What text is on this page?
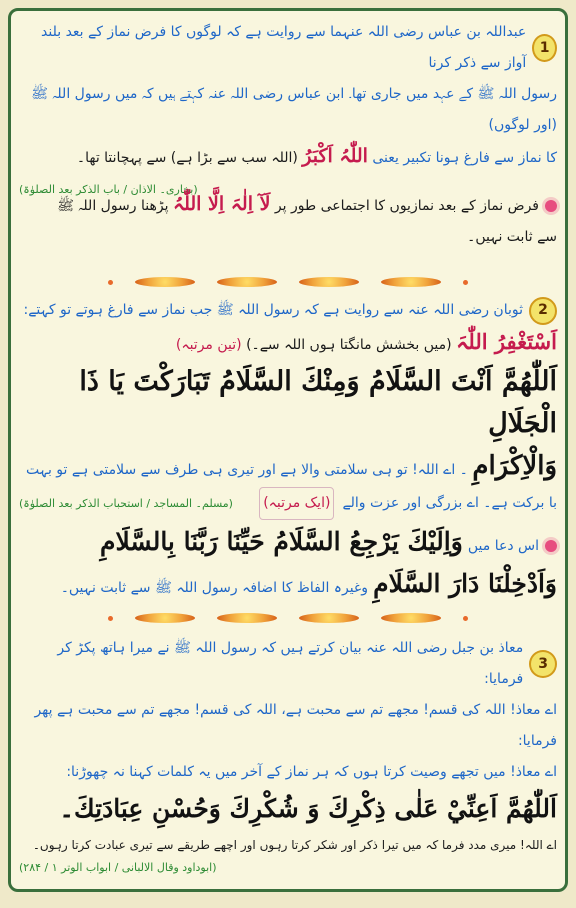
1
عبداللہ بن عباس رضی اللہ عنہما سے روایت ہے کہ لوگوں کا فرض نماز کے بعد بلند آواز سے ذکر کرنا
رسول اللہ ﷺ کے عہد میں جاری تھا۔ ابن عباس رضی اللہ عنہ کہتے ہیں کہ میں رسول اللہ ﷺ (اور لوگوں)
کا نماز سے فارغ ہونا تکبیر یعنی اللّٰہُ اَکْبَرُ (اللہ سب سے بڑا ہے) سے پہچانتا تھا۔
(بخاری۔ الاذان / باب الذکر بعد الصلوٰۃ)
فرض نماز کے بعد نمازیوں کا اجتماعی طور پر لَآ اِلٰہَ اِلَّا اللّٰہُ پڑھنا رسول اللہ ﷺ
سے ثابت نہیں۔
2
ثوبان رضی اللہ عنہ سے روایت ہے کہ رسول اللہ ﷺ جب نماز سے فارغ ہوتے تو کہتے:
اَسْتَغْفِرُ اللّٰہَ (میں بخشش مانگتا ہوں اللہ سے۔) (تین مرتبہ)
اَللّٰھُمَّ اَنْتَ السَّلَامُ وَمِنْكَ السَّلَامُ تَبَارَكْتَ يَا ذَا الْجَلَالِ
وَالْاِكْرَامِ ۔ اے اللہ! تو ہی سلامتی والا ہے اور تیری ہی طرف سے سلامتی ہے تو بہت
با برکت ہے۔ اے بزرگی اور عزت والے
(ایک مرتبہ)
(مسلم۔ المساجد / استحباب الذکر بعد الصلوٰۃ)
اس دعا میں وَاِلَيْكَ يَرْجِعُ السَّلَامُ حَيِّنَا رَبَّنَا بِالسَّلَامِ
وَاَدْخِلْنَا دَارَ السَّلَامِ وغیرہ الفاظ کا اضافہ رسول اللہ ﷺ سے ثابت نہیں۔
3
معاذ بن جبل رضی اللہ عنہ بیان کرتے ہیں کہ رسول اللہ ﷺ نے میرا ہاتھ پکڑ کر فرمایا:
اے معاذ! اللہ کی قسم! مجھے تم سے محبت ہے، اللہ کی قسم! مجھے تم سے محبت ہے پھر فرمایا:
اے معاذ! میں تجھے وصیت کرتا ہوں کہ ہر نماز کے آخر میں یہ کلمات کہنا نہ چھوڑنا:
اَللّٰھُمَّ اَعِنِّيْ عَلٰى ذِكْرِكَ وَ شُكْرِكَ وَحُسْنِ عِبَادَتِكَ۔
اے اللہ! میری مدد فرما کہ میں تیرا ذکر اور شکر کرتا رہوں اور اچھے طریقے سے تیری عبادت کرتا رہوں۔
(ابوداود وقال الالبانی / ابواب الوتر ۱ / ۲۸۴)
